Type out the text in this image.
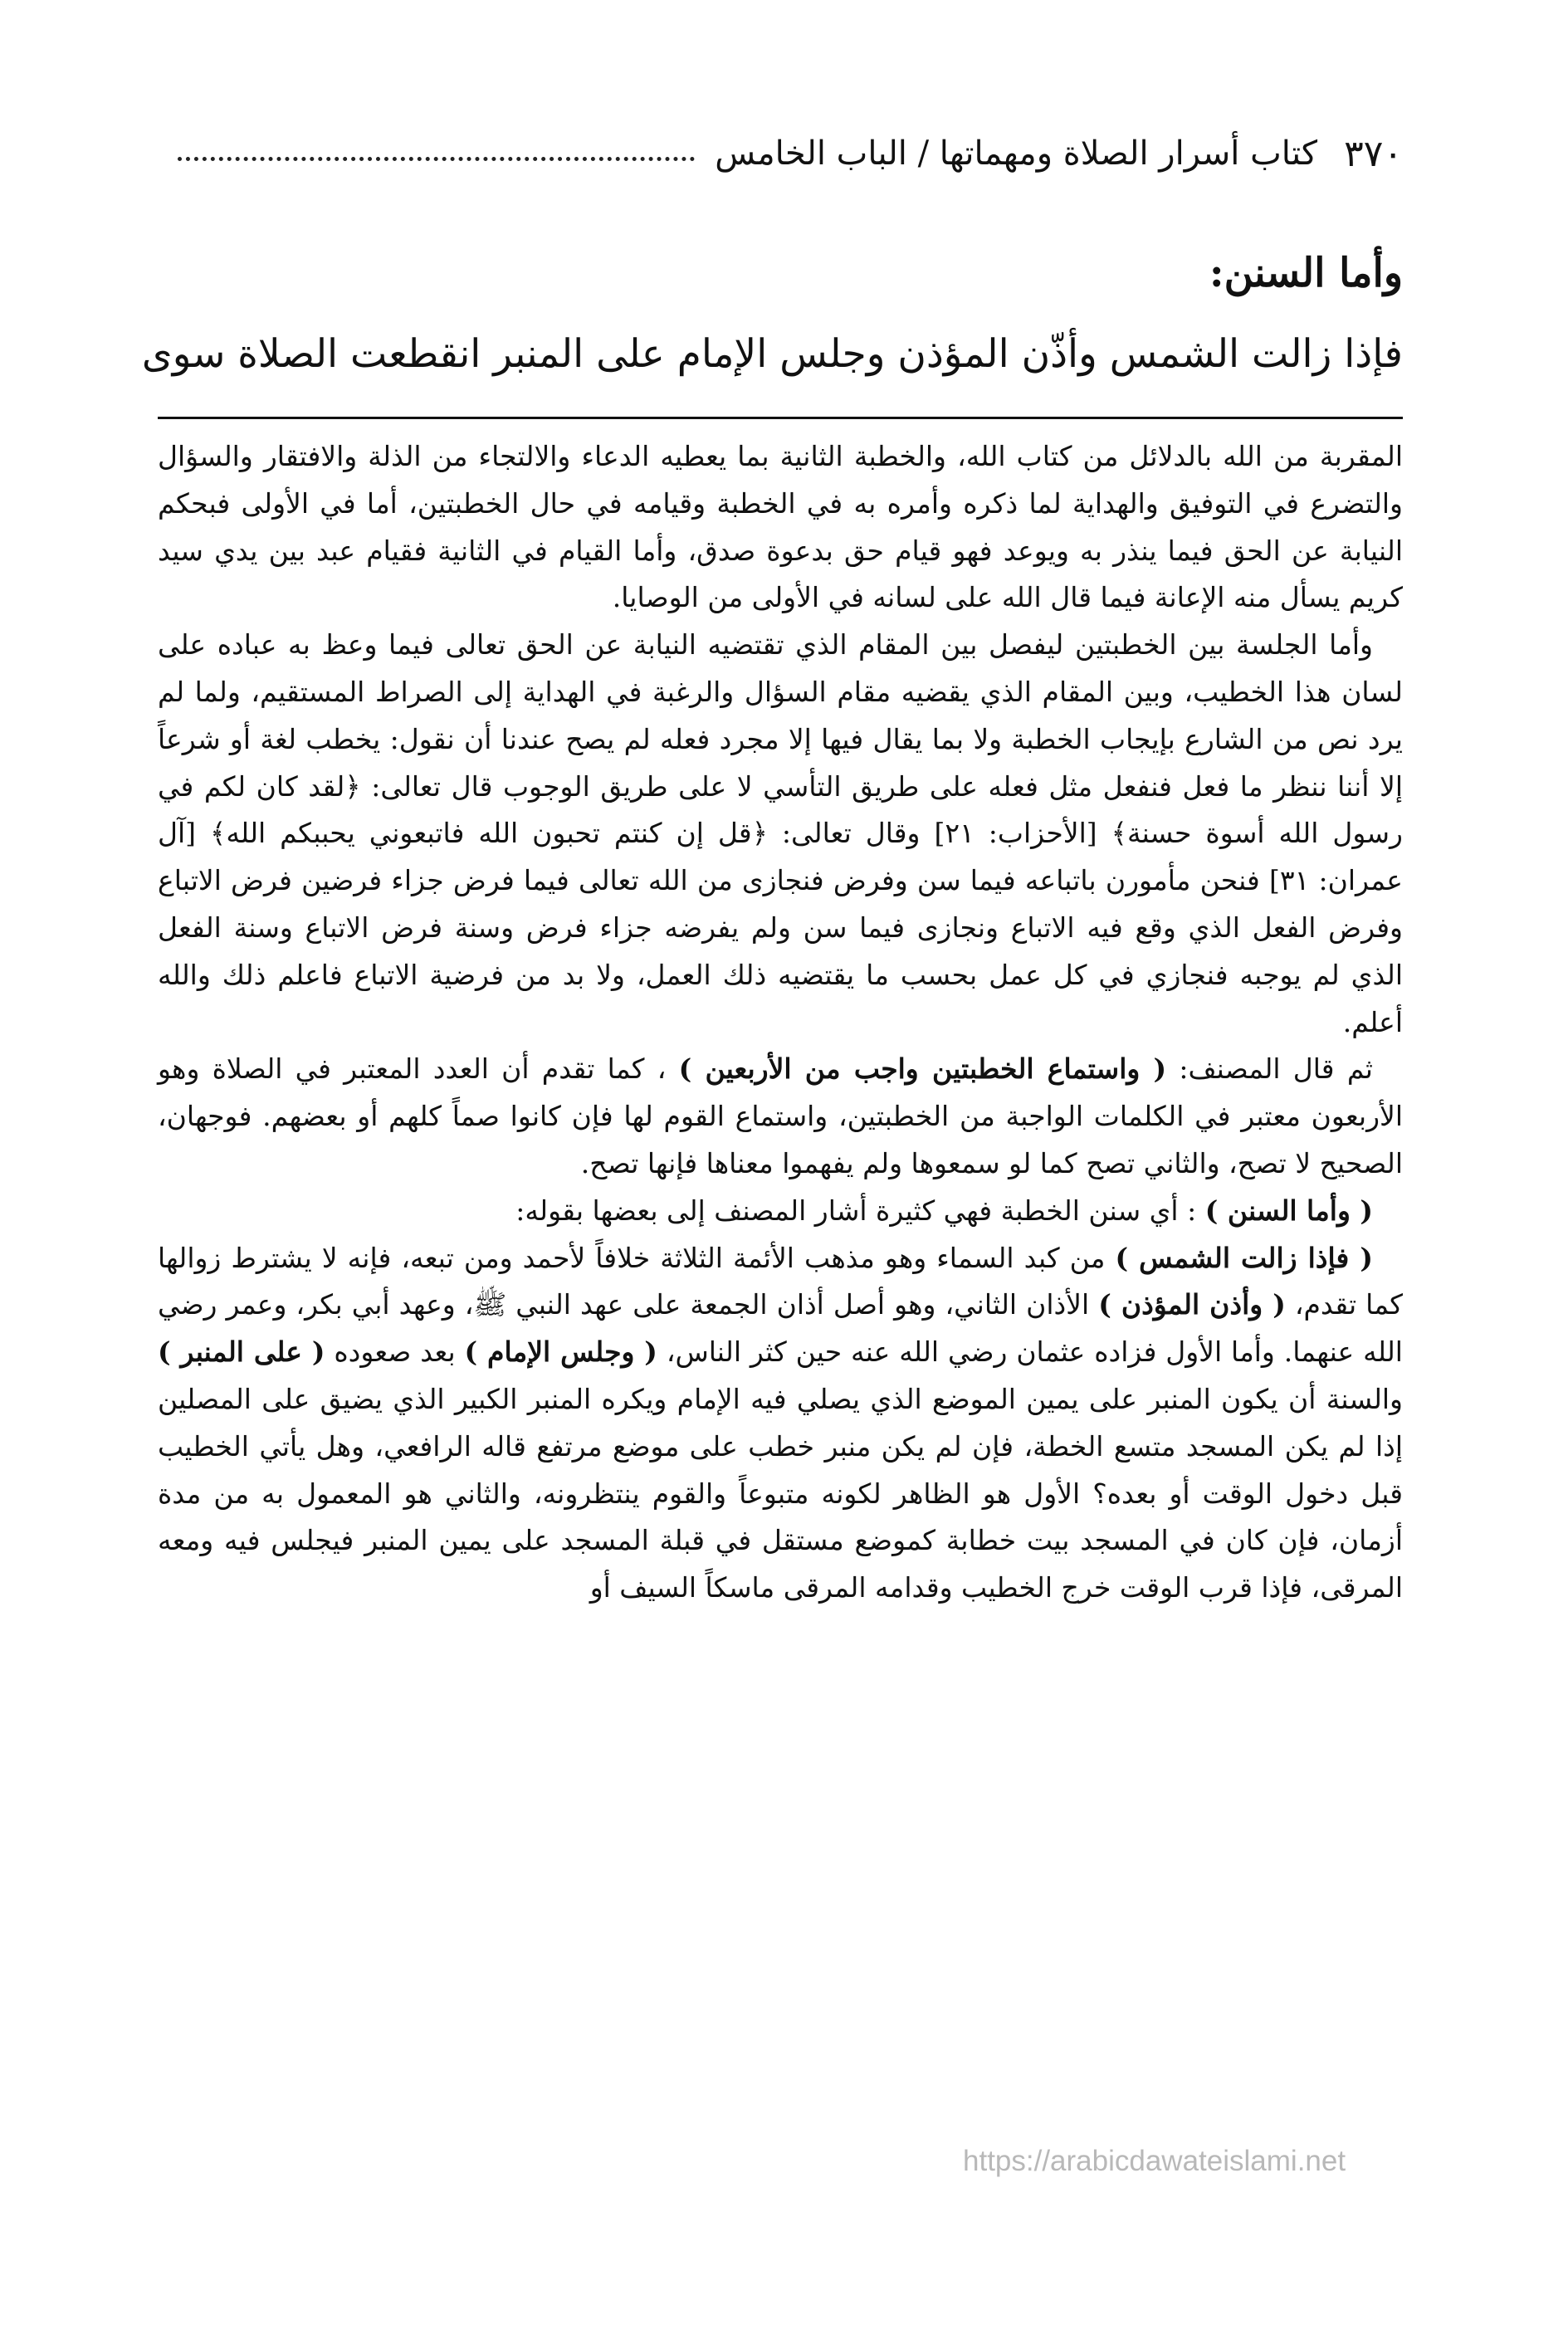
٣٧٠
كتاب أسرار الصلاة ومهماتها / الباب الخامس

وأما السنن:

فإذا زالت الشمس وأذّن المؤذن وجلس الإمام على المنبر انقطعت الصلاة سوى

المقربة من الله بالدلائل من كتاب الله، والخطبة الثانية بما يعطيه الدعاء والالتجاء من الذلة والافتقار والسؤال والتضرع في التوفيق والهداية لما ذكره وأمره به في الخطبة وقيامه في حال الخطبتين، أما في الأولى فبحكم النيابة عن الحق فيما ينذر به ويوعد فهو قيام حق بدعوة صدق، وأما القيام في الثانية فقيام عبد بين يدي سيد كريم يسأل منه الإعانة فيما قال الله على لسانه في الأولى من الوصايا.

وأما الجلسة بين الخطبتين ليفصل بين المقام الذي تقتضيه النيابة عن الحق تعالى فيما وعظ به عباده على لسان هذا الخطيب، وبين المقام الذي يقضيه مقام السؤال والرغبة في الهداية إلى الصراط المستقيم، ولما لم يرد نص من الشارع بإيجاب الخطبة ولا بما يقال فيها إلا مجرد فعله لم يصح عندنا أن نقول: يخطب لغة أو شرعاً إلا أننا ننظر ما فعل فنفعل مثل فعله على طريق التأسي لا على طريق الوجوب قال تعالى: ﴿لقد كان لكم في رسول الله أسوة حسنة﴾ [الأحزاب: ٢١] وقال تعالى: ﴿قل إن كنتم تحبون الله فاتبعوني يحببكم الله﴾ [آل عمران: ٣١] فنحن مأمورن باتباعه فيما سن وفرض فنجازى من الله تعالى فيما فرض جزاء فرضين فرض الاتباع وفرض الفعل الذي وقع فيه الاتباع ونجازى فيما سن ولم يفرضه جزاء فرض وسنة فرض الاتباع وسنة الفعل الذي لم يوجبه فنجازي في كل عمل بحسب ما يقتضيه ذلك العمل، ولا بد من فرضية الاتباع فاعلم ذلك والله أعلم.

ثم قال المصنف: ( واستماع الخطبتين واجب من الأربعين ) ، كما تقدم أن العدد المعتبر في الصلاة وهو الأربعون معتبر في الكلمات الواجبة من الخطبتين، واستماع القوم لها فإن كانوا صماً كلهم أو بعضهم. فوجهان، الصحيح لا تصح، والثاني تصح كما لو سمعوها ولم يفهموا معناها فإنها تصح.

( وأما السنن ) : أي سنن الخطبة فهي كثيرة أشار المصنف إلى بعضها بقوله:

( فإذا زالت الشمس ) من كبد السماء وهو مذهب الأئمة الثلاثة خلافاً لأحمد ومن تبعه، فإنه لا يشترط زوالها كما تقدم، ( وأذن المؤذن ) الأذان الثاني، وهو أصل أذان الجمعة على عهد النبي ﷺ، وعهد أبي بكر، وعمر رضي الله عنهما. وأما الأول فزاده عثمان رضي الله عنه حين كثر الناس، ( وجلس الإمام ) بعد صعوده ( على المنبر ) والسنة أن يكون المنبر على يمين الموضع الذي يصلي فيه الإمام ويكره المنبر الكبير الذي يضيق على المصلين إذا لم يكن المسجد متسع الخطة، فإن لم يكن منبر خطب على موضع مرتفع قاله الرافعي، وهل يأتي الخطيب قبل دخول الوقت أو بعده؟ الأول هو الظاهر لكونه متبوعاً والقوم ينتظرونه، والثاني هو المعمول به من مدة أزمان، فإن كان في المسجد بيت خطابة كموضع مستقل في قبلة المسجد على يمين المنبر فيجلس فيه ومعه المرقى، فإذا قرب الوقت خرج الخطيب وقدامه المرقى ماسكاً السيف أو

https://arabicdawateislami.net
